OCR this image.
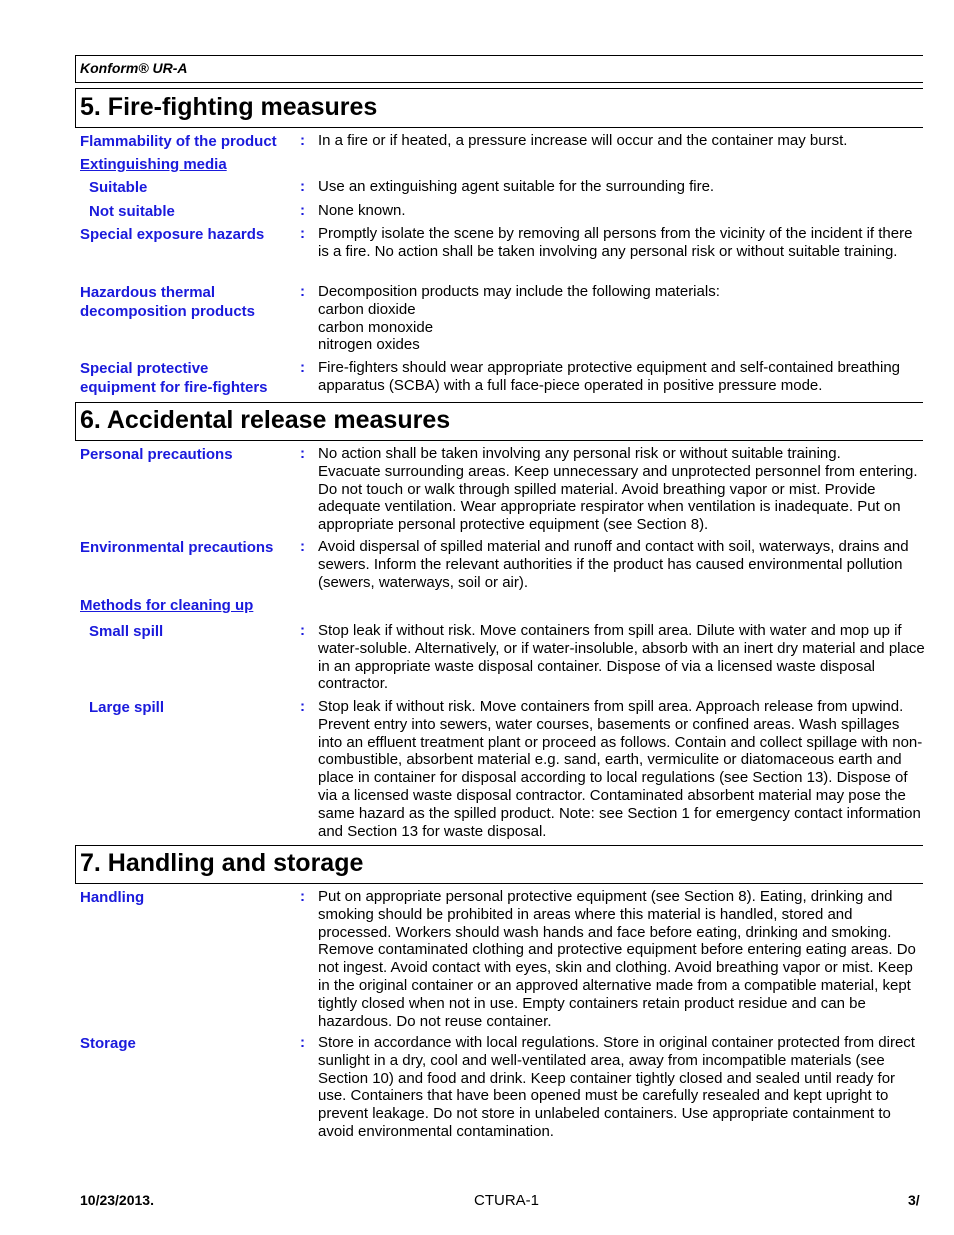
Konform® UR-A
5. Fire-fighting measures
Flammability of the product : In a fire or if heated, a pressure increase will occur and the container may burst.
Extinguishing media
Suitable	: Use an extinguishing agent suitable for the surrounding fire.
Not suitable	: None known.
Special exposure hazards : Promptly isolate the scene by removing all persons from the vicinity of the incident if there is a fire. No action shall be taken involving any personal risk or without suitable training.
Hazardous thermal
decomposition products
: Decomposition products may include the following materials:
carbon dioxide
carbon monoxide
nitrogen oxides
Special protective
equipment for fire-fighters
: Fire-fighters should wear appropriate protective equipment and self-contained breathing apparatus (SCBA) with a full face-piece operated in positive pressure mode.
6. Accidental release measures
Personal precautions	: No action shall be taken involving any personal risk or without suitable training.
Evacuate surrounding areas. Keep unnecessary and unprotected personnel from entering. Do not touch or walk through spilled material. Avoid breathing vapor or mist. Provide adequate ventilation. Wear appropriate respirator when ventilation is inadequate. Put on appropriate personal protective equipment (see Section 8).
Environmental precautions : Avoid dispersal of spilled material and runoff and contact with soil, waterways, drains and sewers. Inform the relevant authorities if the product has caused environmental pollution (sewers, waterways, soil or air).
Methods for cleaning up
Small spill	: Stop leak if without risk. Move containers from spill area. Dilute with water and mop up if water-soluble. Alternatively, or if water-insoluble, absorb with an inert dry material and place in an appropriate waste disposal container. Dispose of via a licensed waste disposal contractor.
Large spill	: Stop leak if without risk. Move containers from spill area. Approach release from upwind. Prevent entry into sewers, water courses, basements or confined areas. Wash spillages into an effluent treatment plant or proceed as follows. Contain and collect spillage with non-combustible, absorbent material e.g. sand, earth, vermiculite or diatomaceous earth and place in container for disposal according to local regulations (see Section 13). Dispose of via a licensed waste disposal contractor. Contaminated absorbent material may pose the same hazard as the spilled product. Note: see Section 1 for emergency contact information and Section 13 for waste disposal.
7. Handling and storage
Handling	: Put on appropriate personal protective equipment (see Section 8). Eating, drinking and smoking should be prohibited in areas where this material is handled, stored and processed. Workers should wash hands and face before eating, drinking and smoking. Remove contaminated clothing and protective equipment before entering eating areas. Do not ingest. Avoid contact with eyes, skin and clothing. Avoid breathing vapor or mist. Keep in the original container or an approved alternative made from a compatible material, kept tightly closed when not in use. Empty containers retain product residue and can be hazardous. Do not reuse container.
Storage	: Store in accordance with local regulations. Store in original container protected from direct sunlight in a dry, cool and well-ventilated area, away from incompatible materials (see Section 10) and food and drink. Keep container tightly closed and sealed until ready for use. Containers that have been opened must be carefully resealed and kept upright to prevent leakage. Do not store in unlabeled containers. Use appropriate containment to avoid environmental contamination.
10/23/2013.	CTURA-1	3/
